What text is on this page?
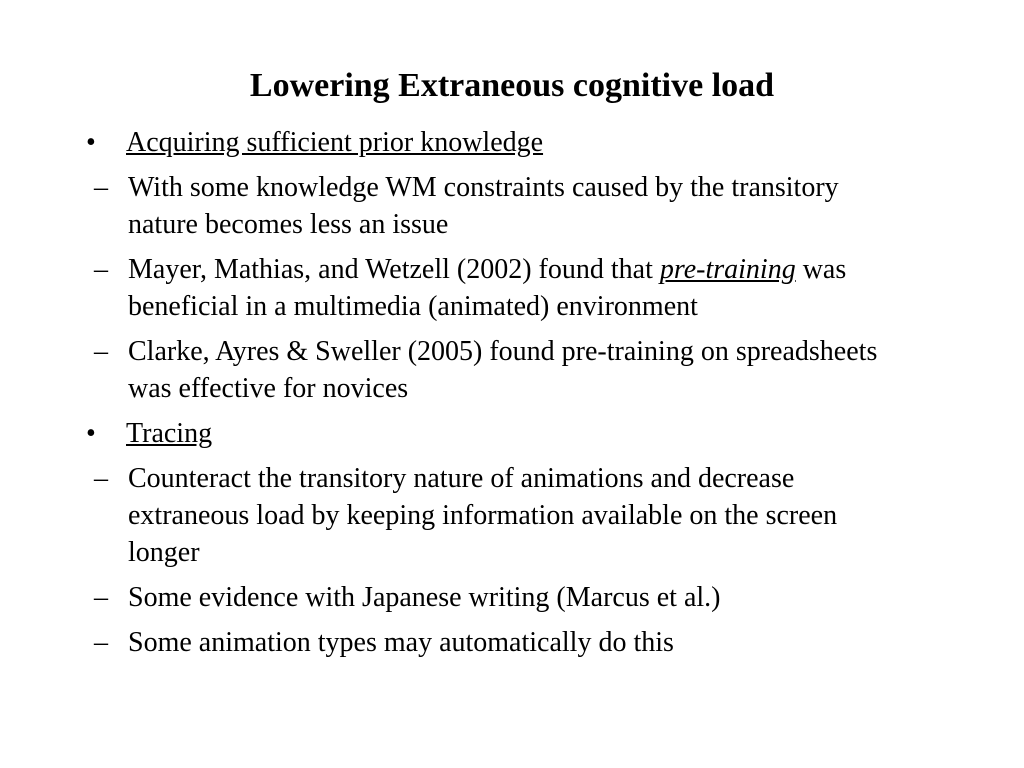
Lowering Extraneous cognitive load
• Acquiring sufficient prior knowledge
– With some knowledge WM constraints caused by the transitory nature becomes less an issue
– Mayer, Mathias, and Wetzell (2002) found that pre-training was beneficial in a multimedia (animated) environment
– Clarke, Ayres & Sweller (2005) found pre-training on spreadsheets was effective for novices
• Tracing
– Counteract the transitory nature of animations and decrease extraneous load by keeping information available on the screen longer
– Some evidence with Japanese writing (Marcus et al.)
– Some animation types may automatically do this
